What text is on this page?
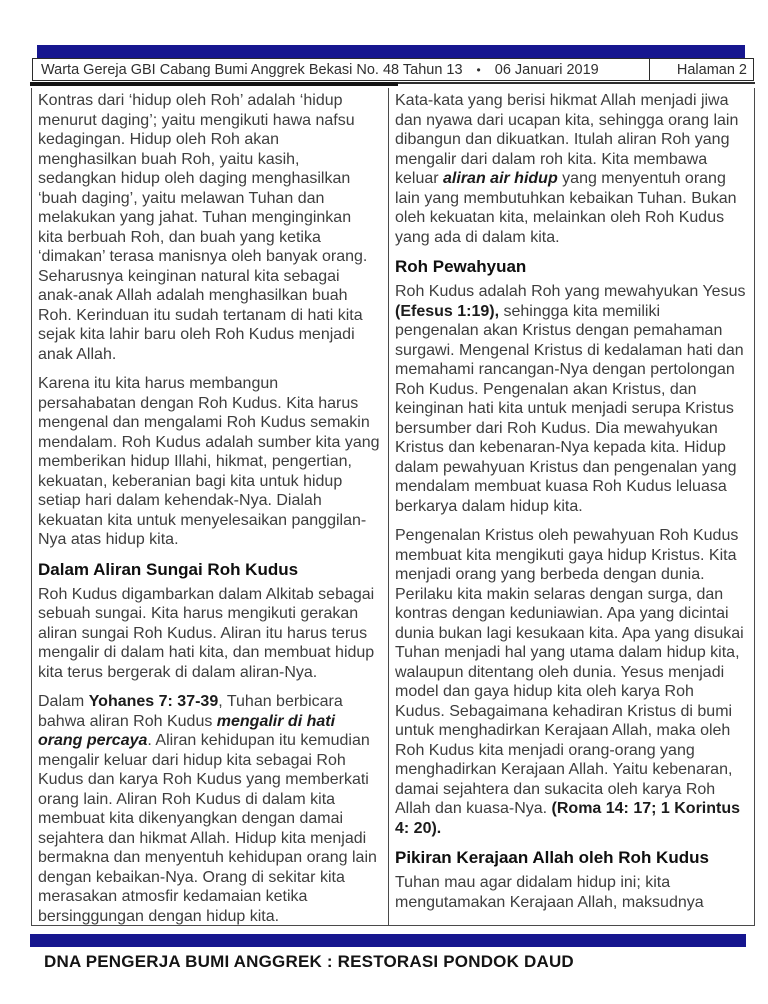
Warta Gereja GBI Cabang Bumi Anggrek Bekasi No. 48 Tahun 13 • 06 Januari 2019	Halaman 2

Kontras dari ‘hidup oleh Roh’ adalah ‘hidup menurut daging’; yaitu mengikuti hawa nafsu kedagingan. Hidup oleh Roh akan menghasilkan buah Roh, yaitu kasih, sedangkan hidup oleh daging menghasilkan ‘buah daging’, yaitu melawan Tuhan dan melakukan yang jahat. Tuhan menginginkan kita berbuah Roh, dan buah yang ketika ‘dimakan’ terasa manisnya oleh banyak orang. Seharusnya keinginan natural kita sebagai anak-anak Allah adalah menghasilkan buah Roh. Kerinduan itu sudah tertanam di hati kita sejak kita lahir baru oleh Roh Kudus menjadi anak Allah.

Karena itu kita harus membangun persahabatan dengan Roh Kudus. Kita harus mengenal dan mengalami Roh Kudus semakin mendalam. Roh Kudus adalah sumber kita yang memberikan hidup Illahi, hikmat, pengertian, kekuatan, keberanian bagi kita untuk hidup setiap hari dalam kehendak-Nya. Dialah kekuatan kita untuk menyelesaikan panggilan-Nya atas hidup kita.

Dalam Aliran Sungai Roh Kudus

Roh Kudus digambarkan dalam Alkitab sebagai sebuah sungai. Kita harus mengikuti gerakan aliran sungai Roh Kudus. Aliran itu harus terus mengalir di dalam hati kita, dan membuat hidup kita terus bergerak di dalam aliran-Nya.

Dalam Yohanes 7: 37-39, Tuhan berbicara bahwa aliran Roh Kudus mengalir di hati orang percaya. Aliran kehidupan itu kemudian mengalir keluar dari hidup kita sebagai Roh Kudus dan karya Roh Kudus yang memberkati orang lain. Aliran Roh Kudus di dalam kita membuat kita dikenyangkan dengan damai sejahtera dan hikmat Allah. Hidup kita menjadi bermakna dan menyentuh kehidupan orang lain dengan kebaikan-Nya. Orang di sekitar kita merasakan atmosfir kedamaian ketika bersinggungan dengan hidup kita.

Kata-kata yang berisi hikmat Allah menjadi jiwa dan nyawa dari ucapan kita, sehingga orang lain dibangun dan dikuatkan. Itulah aliran Roh yang mengalir dari dalam roh kita. Kita membawa keluar aliran air hidup yang menyentuh orang lain yang membutuhkan kebaikan Tuhan. Bukan oleh kekuatan kita, melainkan oleh Roh Kudus yang ada di dalam kita.

Roh Pewahyuan

Roh Kudus adalah Roh yang mewahyukan Yesus (Efesus 1:19), sehingga kita memiliki pengenalan akan Kristus dengan pemahaman surgawi. Mengenal Kristus di kedalaman hati dan memahami rancangan-Nya dengan pertolongan Roh Kudus. Pengenalan akan Kristus, dan keinginan hati kita untuk menjadi serupa Kristus bersumber dari Roh Kudus. Dia mewahyukan Kristus dan kebenaran-Nya kepada kita. Hidup dalam pewahyuan Kristus dan pengenalan yang mendalam membuat kuasa Roh Kudus leluasa berkarya dalam hidup kita.

Pengenalan Kristus oleh pewahyuan Roh Kudus membuat kita mengikuti gaya hidup Kristus. Kita menjadi orang yang berbeda dengan dunia. Perilaku kita makin selaras dengan surga, dan kontras dengan keduniawian. Apa yang dicintai dunia bukan lagi kesukaan kita. Apa yang disukai Tuhan menjadi hal yang utama dalam hidup kita, walaupun ditentang oleh dunia. Yesus menjadi model dan gaya hidup kita oleh karya Roh Kudus. Sebagaimana kehadiran Kristus di bumi untuk menghadirkan Kerajaan Allah, maka oleh Roh Kudus kita menjadi orang-orang yang menghadirkan Kerajaan Allah. Yaitu kebenaran, damai sejahtera dan sukacita oleh karya Roh Allah dan kuasa-Nya. (Roma 14: 17; 1 Korintus 4: 20).

Pikiran Kerajaan Allah oleh Roh Kudus

Tuhan mau agar didalam hidup ini; kita mengutamakan Kerajaan Allah, maksudnya

DNA PENGERJA BUMI ANGGREK : RESTORASI PONDOK DAUD
